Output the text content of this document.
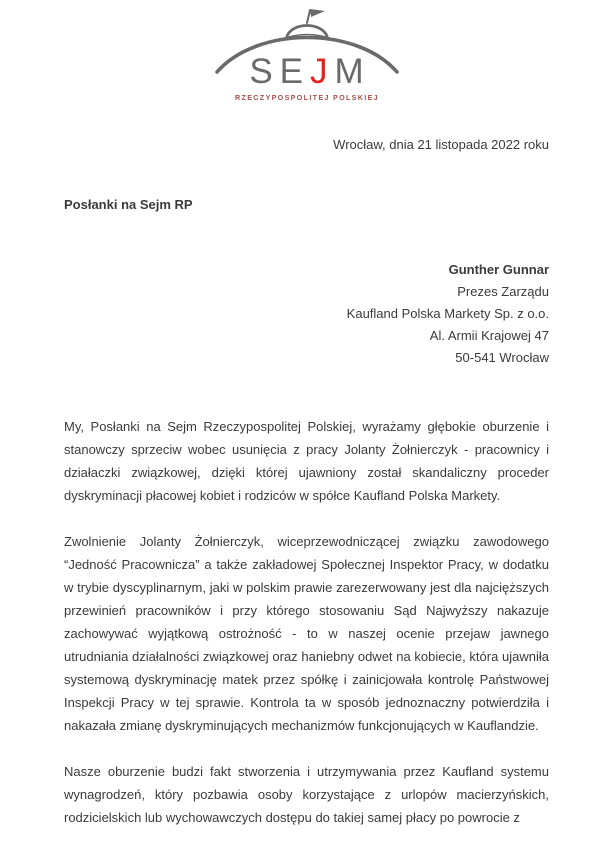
SEJM
RZECZYPOSPOLITEJ POLSKIEJ
Wrocław, dnia 21 listopada 2022 roku
Posłanki na Sejm RP
Gunther Gunnar
Prezes Zarządu
Kaufland Polska Markety Sp. z o.o.
Al. Armii Krajowej 47
50-541 Wrocław

My, Posłanki na Sejm Rzeczypospolitej Polskiej, wyrażamy głębokie oburzenie i stanowczy sprzeciw wobec usunięcia z pracy Jolanty Żołnierczyk - pracownicy i działaczki związkowej, dzięki której ujawniony został skandaliczny proceder dyskryminacji płacowej kobiet i rodziców w spółce Kaufland Polska Markety.

Zwolnienie Jolanty Żołnierczyk, wiceprzewodniczącej związku zawodowego “Jedność Pracownicza” a także zakładowej Społecznej Inspektor Pracy, w dodatku w trybie dyscyplinarnym, jaki w polskim prawie zarezerwowany jest dla najcięższych przewinień pracowników i przy którego stosowaniu Sąd Najwyższy nakazuje zachowywać wyjątkową ostrożność - to w naszej ocenie przejaw jawnego utrudniania działalności związkowej oraz haniebny odwet na kobiecie, która ujawniła systemową dyskryminację matek przez spółkę i zainicjowała kontrolę Państwowej Inspekcji Pracy w tej sprawie. Kontrola ta w sposób jednoznaczny potwierdziła i nakazała zmianę dyskryminujących mechanizmów funkcjonujących w Kauflandzie.

Nasze oburzenie budzi fakt stworzenia i utrzymywania przez Kaufland systemu wynagrodzeń, który pozbawia osoby korzystające z urlopów macierzyńskich, rodzicielskich lub wychowawczych dostępu do takiej samej płacy po powrocie z
